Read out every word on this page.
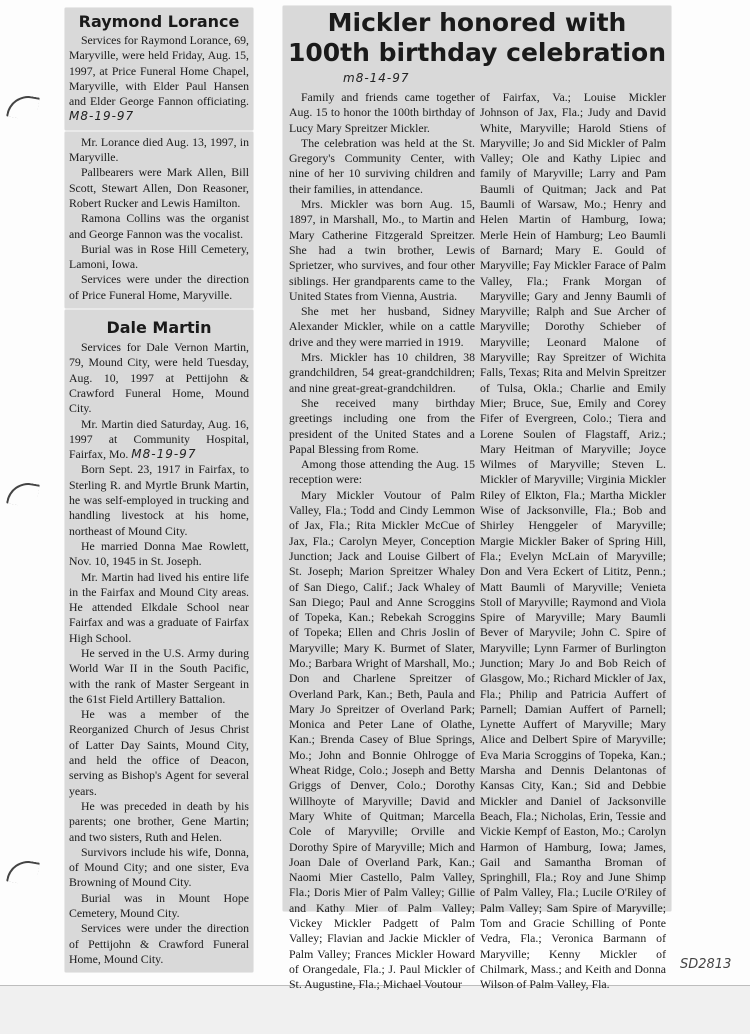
Raymond Lorance

Services for Raymond Lorance, 69, Maryville, were held Friday, Aug. 15, 1997, at Price Funeral Home Chapel, Maryville, with Elder Paul Hansen and Elder George Fannon officiating. M8-19-97

Mr. Lorance died Aug. 13, 1997, in Maryville.

Pallbearers were Mark Allen, Bill Scott, Stewart Allen, Don Reasoner, Robert Rucker and Lewis Hamilton.

Ramona Collins was the organist and George Fannon was the vocalist.

Burial was in Rose Hill Cemetery, Lamoni, Iowa.

Services were under the direction of Price Funeral Home, Maryville.

Dale Martin

Services for Dale Vernon Martin, 79, Mound City, were held Tuesday, Aug. 10, 1997 at Pettijohn & Crawford Funeral Home, Mound City.

Mr. Martin died Saturday, Aug. 16, 1997 at Community Hospital, Fairfax, Mo. M8-19-97

Born Sept. 23, 1917 in Fairfax, to Sterling R. and Myrtle Brunk Martin, he was self-employed in trucking and handling livestock at his home, northeast of Mound City.

He married Donna Mae Rowlett, Nov. 10, 1945 in St. Joseph.

Mr. Martin had lived his entire life in the Fairfax and Mound City areas. He attended Elkdale School near Fairfax and was a graduate of Fairfax High School.

He served in the U.S. Army during World War II in the South Pacific, with the rank of Master Sergeant in the 61st Field Artillery Battalion.

He was a member of the Reorganized Church of Jesus Christ of Latter Day Saints, Mound City, and held the office of Deacon, serving as Bishop's Agent for several years.

He was preceded in death by his parents; one brother, Gene Martin; and two sisters, Ruth and Helen.

Survivors include his wife, Donna, of Mound City; and one sister, Eva Browning of Mound City.

Burial was in Mount Hope Cemetery, Mound City.

Services were under the direction of Pettijohn & Crawford Funeral Home, Mound City.

Mickler honored with
100th birthday celebration
m8-14-97

Family and friends came together Aug. 15 to honor the 100th birthday of Lucy Mary Spreitzer Mickler.

The celebration was held at the St. Gregory's Community Center, with nine of her 10 surviving children and their families, in attendance.

Mrs. Mickler was born Aug. 15, 1897, in Marshall, Mo., to Martin and Mary Catherine Fitzgerald Spreitzer. She had a twin brother, Lewis Sprietzer, who survives, and four other siblings. Her grandparents came to the United States from Vienna, Austria.

She met her husband, Sidney Alexander Mickler, while on a cattle drive and they were married in 1919.

Mrs. Mickler has 10 children, 38 grandchildren, 54 great-grandchildren; and nine great-great-grandchildren.

She received many birthday greetings including one from the president of the United States and a Papal Blessing from Rome.

Among those attending the Aug. 15 reception were:

Mary Mickler Voutour of Palm Valley, Fla.; Todd and Cindy Lemmon of Jax, Fla.; Rita Mickler McCue of Jax, Fla.; Carolyn Meyer, Conception Junction; Jack and Louise Gilbert of St. Joseph; Marion Spreitzer Whaley of San Diego, Calif.; Jack Whaley of San Diego; Paul and Anne Scroggins of Topeka, Kan.; Rebekah Scroggins of Topeka; Ellen and Chris Joslin of Maryville; Mary K. Burmet of Slater, Mo.; Barbara Wright of Marshall, Mo.; Don and Charlene Spreitzer of Overland Park, Kan.; Beth, Paula and Mary Jo Spreitzer of Overland Park; Monica and Peter Lane of Olathe, Kan.; Brenda Casey of Blue Springs, Mo.; John and Bonnie Ohlrogge of Wheat Ridge, Colo.; Joseph and Betty Griggs of Denver, Colo.; Dorothy Willhoyte of Maryville; David and Mary White of Quitman; Marcella Cole of Maryville; Orville and Dorothy Spire of Maryville; Mich and Joan Dale of Overland Park, Kan.; Naomi Mier Castello, Palm Valley, Fla.; Doris Mier of Palm Valley; Gillie and Kathy Mier of Palm Valley; Vickey Mickler Padgett of Palm Valley; Flavian and Jackie Mickler of Palm Valley; Frances Mickler Howard of Orangedale, Fla.; J. Paul Mickler of St. Augustine, Fla.; Michael Voutour

of Fairfax, Va.; Louise Mickler Johnson of Jax, Fla.; Judy and David White, Maryville; Harold Stiens of Maryville; Jo and Sid Mickler of Palm Valley; Ole and Kathy Lipiec and family of Maryville; Larry and Pam Baumli of Quitman; Jack and Pat Baumli of Warsaw, Mo.; Henry and Helen Martin of Hamburg, Iowa; Merle Hein of Hamburg; Leo Baumli of Barnard; Mary E. Gould of Maryville; Fay Mickler Farace of Palm Valley, Fla.; Frank Morgan of Maryville; Gary and Jenny Baumli of Maryville; Ralph and Sue Archer of Maryville; Dorothy Schieber of Maryville; Leonard Malone of Maryville; Ray Spreitzer of Wichita Falls, Texas; Rita and Melvin Spreitzer of Tulsa, Okla.; Charlie and Emily Mier; Bruce, Sue, Emily and Corey Fifer of Evergreen, Colo.; Tiera and Lorene Soulen of Flagstaff, Ariz.; Mary Heitman of Maryville; Joyce Wilmes of Maryville; Steven L. Mickler of Maryville; Virginia Mickler Riley of Elkton, Fla.; Martha Mickler Wise of Jacksonville, Fla.; Bob and Shirley Henggeler of Maryville; Margie Mickler Baker of Spring Hill, Fla.; Evelyn McLain of Maryville; Don and Vera Eckert of Lititz, Penn.; Matt Baumli of Maryville; Venieta Stoll of Maryville; Raymond and Viola Spire of Maryville; Mary Baumli Bever of Maryvile; John C. Spire of Maryville; Lynn Farmer of Burlington Junction; Mary Jo and Bob Reich of Glasgow, Mo.; Richard Mickler of Jax, Fla.; Philip and Patricia Auffert of Parnell; Damian Auffert of Parnell; Lynette Auffert of Maryville; Mary Alice and Delbert Spire of Maryville; Eva Maria Scroggins of Topeka, Kan.; Marsha and Dennis Delantonas of Kansas City, Kan.; Sid and Debbie Mickler and Daniel of Jacksonville Beach, Fla.; Nicholas, Erin, Tessie and Vickie Kempf of Easton, Mo.; Carolyn Harmon of Hamburg, Iowa; James, Gail and Samantha Broman of Springhill, Fla.; Roy and June Shimp of Palm Valley, Fla.; Lucile O'Riley of Palm Valley; Sam Spire of Maryville; Tom and Gracie Schilling of Ponte Vedra, Fla.; Veronica Barmann of Maryville; Kenny Mickler of Chilmark, Mass.; and Keith and Donna Wilson of Palm Valley, Fla.

SD2813
